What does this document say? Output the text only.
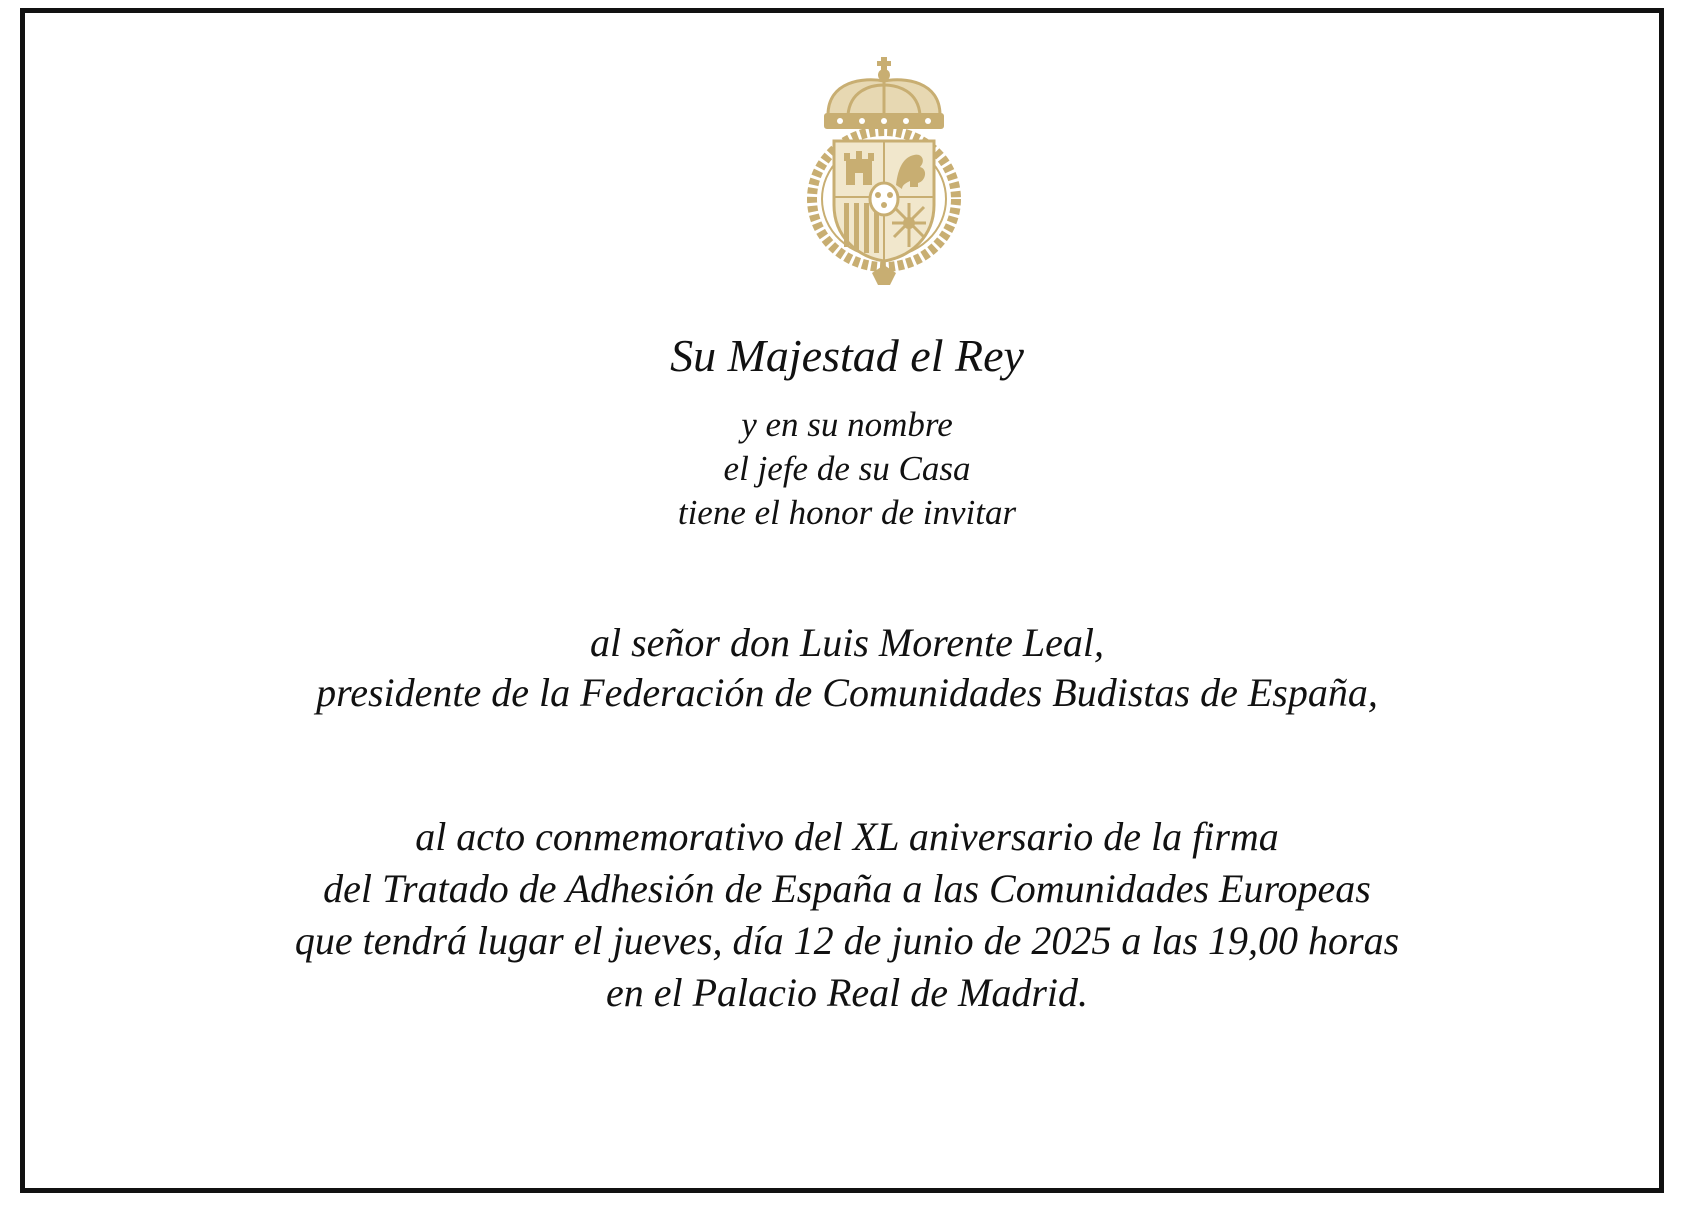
Su Majestad el Rey
y en su nombre
el jefe de su Casa
tiene el honor de invitar
al señor don Luis Morente Leal,
presidente de la Federación de Comunidades Budistas de España,
al acto conmemorativo del XL aniversario de la firma
del Tratado de Adhesión de España a las Comunidades Europeas
que tendrá lugar el jueves, día 12 de junio de 2025 a las 19,00 horas
en el Palacio Real de Madrid.
